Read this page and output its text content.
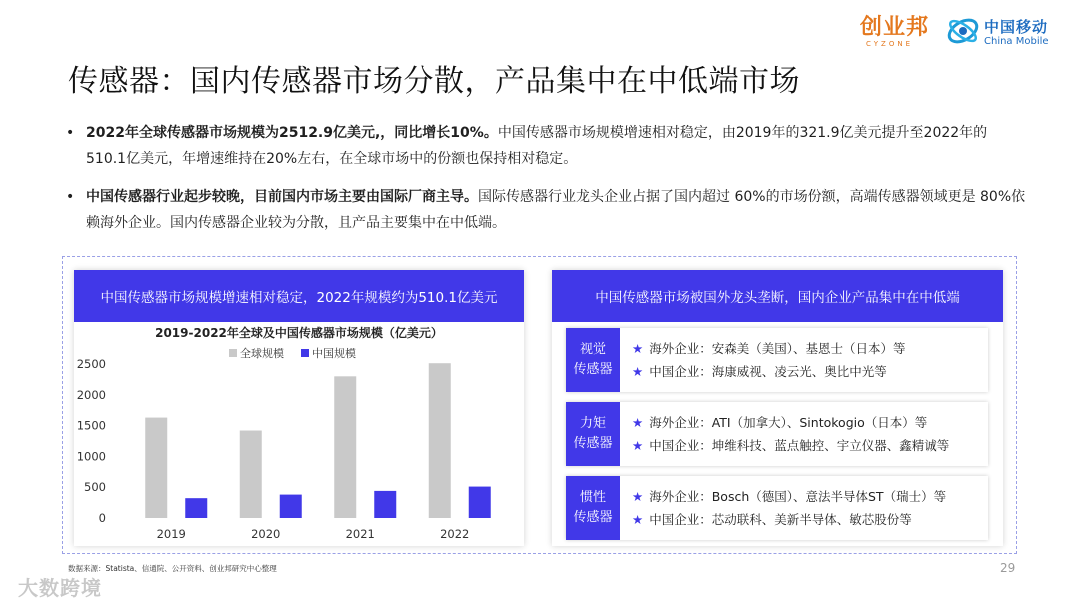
创业邦
CYZONE
中国移动
China Mobile
传感器：国内传感器市场分散，产品集中在中低端市场
• 2022年全球传感器市场规模为2512.9亿美元,，同比增长10%。中国传感器市场规模增速相对稳定，由2019年的321.9亿美元提升至2022年的510.1亿美元，年增速维持在20%左右，在全球市场中的份额也保持相对稳定。
• 中国传感器行业起步较晚，目前国内市场主要由国际厂商主导。国际传感器行业龙头企业占据了国内超过 60%的市场份额，高端传感器领域更是 80%依赖海外企业。国内传感器企业较为分散，且产品主要集中在中低端。
中国传感器市场规模增速相对稳定，2022年规模约为510.1亿美元
2019-2022年全球及中国传感器市场规模（亿美元）
全球规模	中国规模
0
500
1000
1500
2000
2500
2019	2020	2021	2022
中国传感器市场被国外龙头垄断，国内企业产品集中在中低端
视觉
传感器
★ 海外企业：安森美（美国）、基恩士（日本）等
★ 中国企业：海康威视、凌云光、奥比中光等
力矩
传感器
★ 海外企业：ATI（加拿大）、Sintokogio（日本）等
★ 中国企业：坤维科技、蓝点触控、宇立仪器、鑫精诚等
惯性
传感器
★ 海外企业：Bosch（德国）、意法半导体ST（瑞士）等
★ 中国企业：芯动联科、美新半导体、敏芯股份等
数据来源：Statista、信通院、公开资料、创业邦研究中心整理	29
大数跨境
